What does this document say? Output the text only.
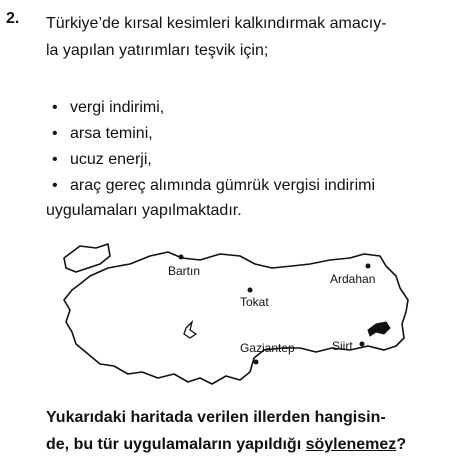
2. Türkiye’de kırsal kesimleri kalkındırmak amacıy-
la yapılan yatırımları teşvik için;
• vergi indirimi,
• arsa temini,
• ucuz enerji,
• araç gereç alımında gümrük vergisi indirimi
uygulamaları yapılmaktadır.
Bartın
Tokat
Ardahan
Gaziantep	Siirt
Yukarıdaki haritada verilen illerden hangisin-
de, bu tür uygulamaların yapıldığı söylenemez?
